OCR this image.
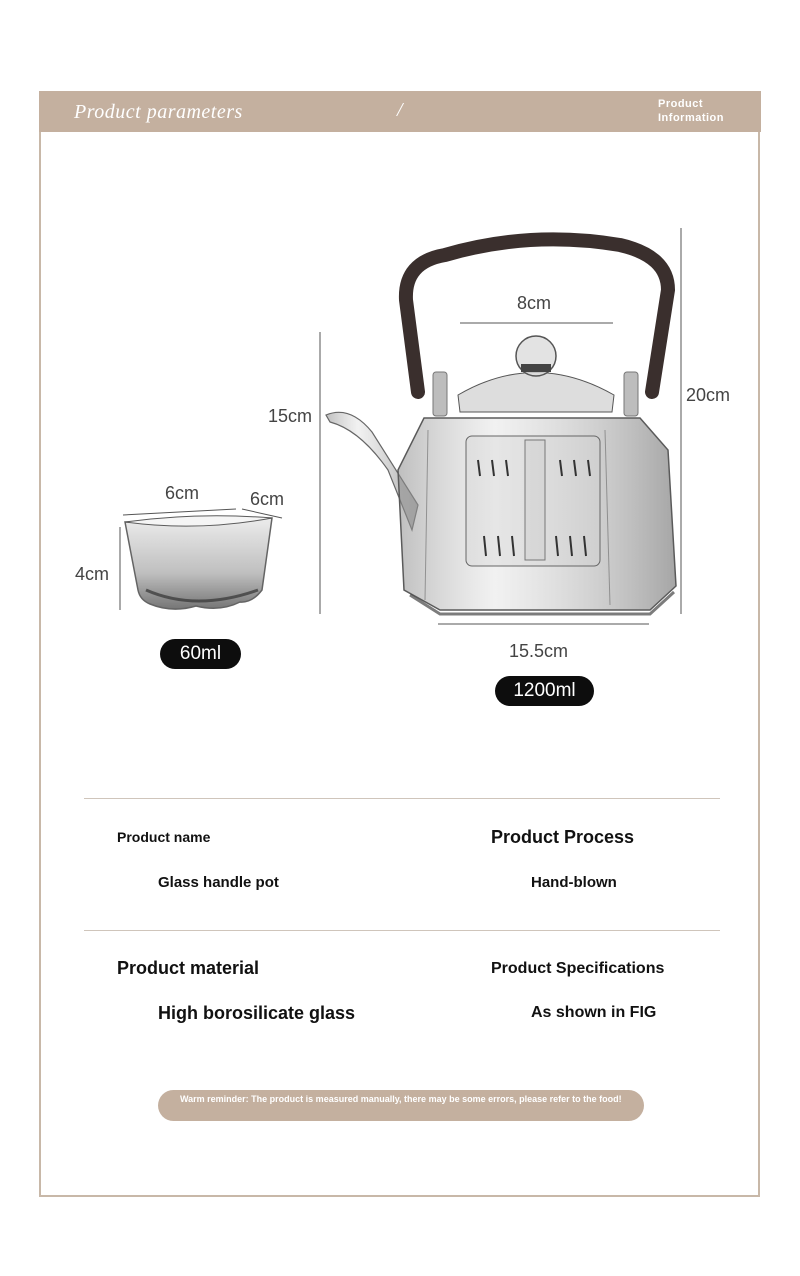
Product parameters	/	Product
Information
6cm	6cm
4cm
15cm
8cm
20cm
15.5cm
60ml
1200ml
Product name	Product Process
Glass handle pot	Hand-blown
Product material	Product Specifications
High borosilicate glass	As shown in FIG
Warm reminder: The product is measured manually, there may be some errors, please refer to the food!
